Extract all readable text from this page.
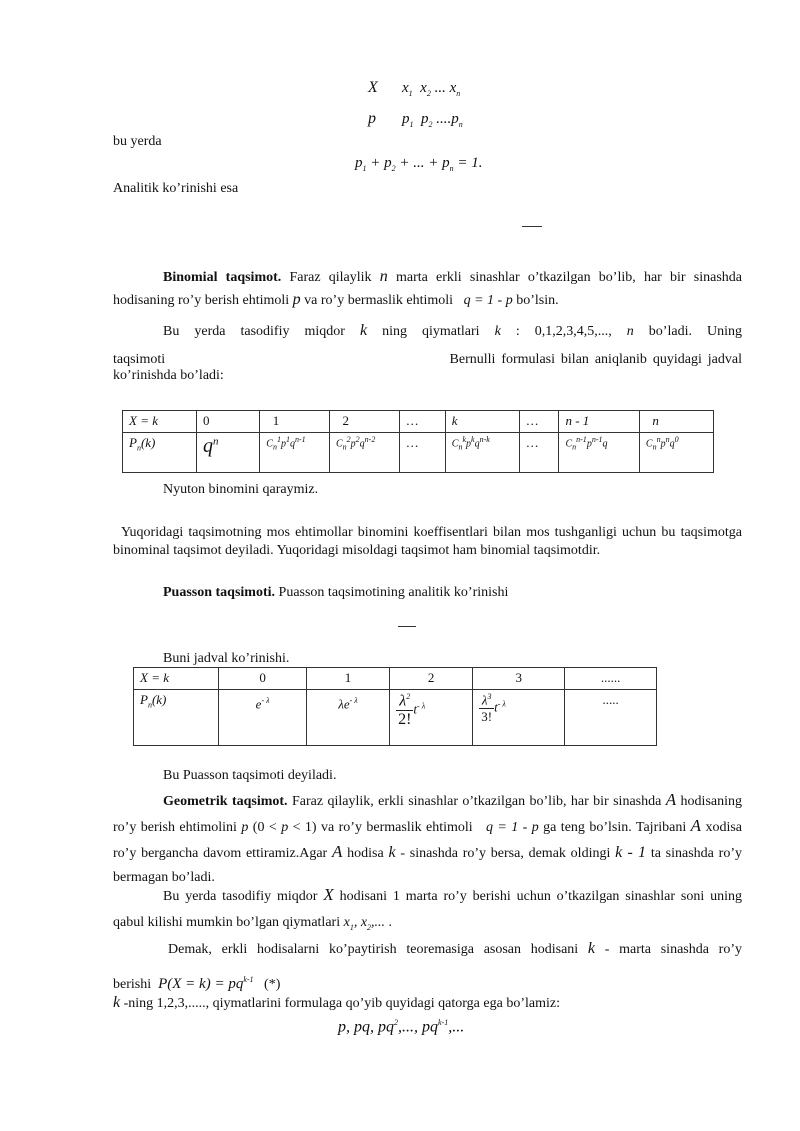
X $x_1$  $x_2$ ... $x_n$
p $p_1$  $p_2$ $....p_n$
bu yerda
$p_1 + p_2$ + ... + $p_n = 1$.
Analitik ko’rinishi esa
Binomial taqsimot. Faraz qilaylik n marta erkli sinashlar o’tkazilgan bo’lib, har bir sinashda hodisaning ro’y berish ehtimoli p va ro’y bermaslik ehtimoli   q = 1 - p bo’lsin.
Bu yerda tasodifiy miqdor k ning qiymatlari k : 0,1,2,3,4,5,..., n bo’ladi. Uning
taqsimoti                                                Bernulli formulasi bilan aniqlanib quyidagi jadval
ko’rinishda bo’ladi:
X = k	0	1	2	…	k	…	n - 1	n
$P_n(k)$	$q^n$	$C_n^1p^1q^{n-1}$	$C_n^2p^2q^{n-2}$	…	$C_n^kp^kq^{n-k}$	…	$C_n^{n-1}p^{n-1}q$	$C_n^np^nq^0$
Nyuton binomini qaraymiz.
Yuqoridagi taqsimotning mos ehtimollar binomini koeffisentlari bilan mos tushganligi uchun bu taqsimotga binominal taqsimot deyiladi. Yuqoridagi misoldagi taqsimot ham binomial taqsimotdir.
Puasson taqsimoti. Puasson taqsimotining analitik ko’rinishi
Buni jadval ko’rinishi.
X = k	0	1	2	3	......
$P_n(k)$	$e^{- \lambda}$	$\lambda e^{- \lambda}$	$\frac{\lambda^2}{2!} t^{- \lambda}$	$\frac{\lambda^3}{3!} t^{- \lambda}$	.....
Bu Puasson taqsimoti deyiladi.
Geometrik taqsimot. Faraz qilaylik, erkli sinashlar o’tkazilgan bo’lib, har bir sinashda A hodisaning ro’y berish ehtimolini p (0 < p < 1) va ro’y bermaslik ehtimoli   q = 1 - p ga teng bo’lsin. Tajribani A xodisa ro’y bergancha davom ettiramiz.Agar A hodisa k - sinashda ro’y bersa, demak oldingi k - 1 ta sinashda ro’y bermagan bo’ladi.
Bu yerda tasodifiy miqdor X hodisani 1 marta ro’y berishi uchun o’tkazilgan sinashlar soni uning qabul kilishi mumkin bo’lgan qiymatlari $x_1$, $x_2$,... .
Demak, erkli hodisalarni ko’paytirish teoremasiga asosan hodisani k - marta sinashda ro’y berishi  $P(X = k) = pq^{k-1}$   (*)
k -ning 1,2,3,....., qiymatlarini formulaga qo’yib quyidagi qatorga ega bo’lamiz:
p, pq, $pq^2$,..., $pq^{k-1}$,...
